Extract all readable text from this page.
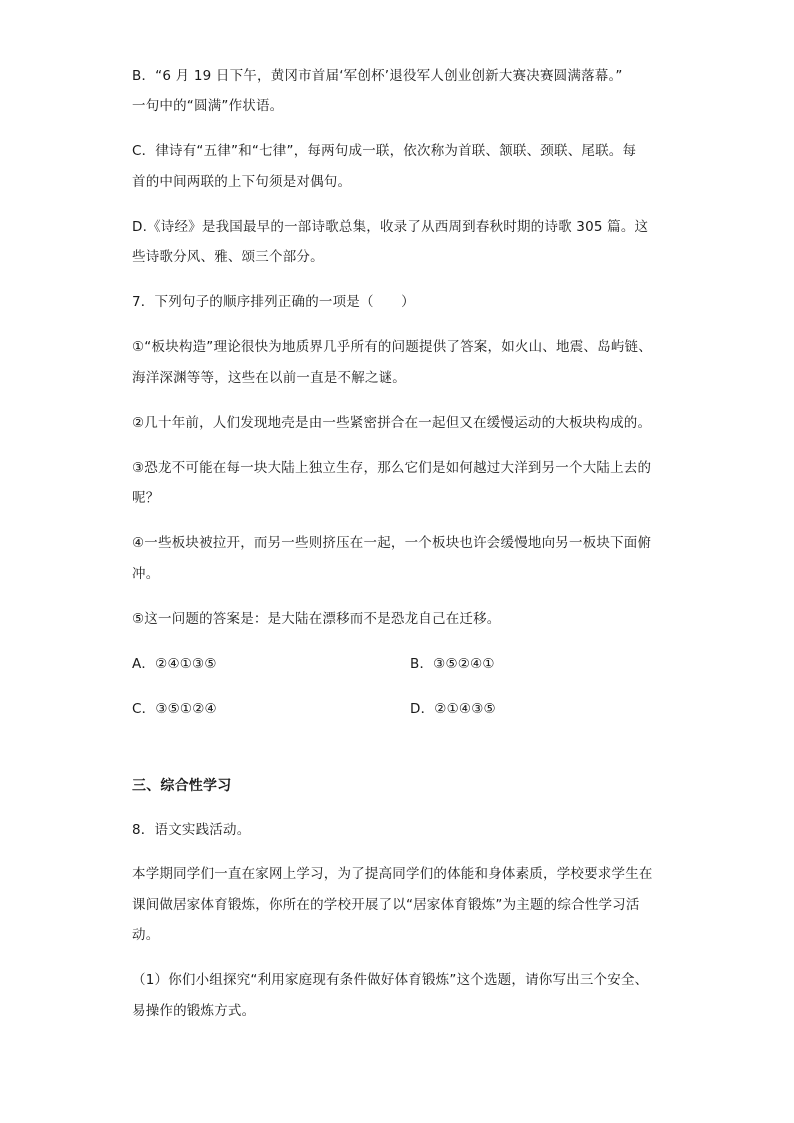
B．“6 月 19 日下午，黄冈市首届‘军创杯’退役军人创业创新大赛决赛圆满落幕。”
一句中的“圆满”作状语。
C．律诗有“五律”和“七律”，每两句成一联，依次称为首联、颔联、颈联、尾联。每
首的中间两联的上下句须是对偶句。
D.《诗经》是我国最早的一部诗歌总集，收录了从西周到春秋时期的诗歌 305 篇。这
些诗歌分风、雅、颂三个部分。
7．下列句子的顺序排列正确的一项是（　　）
①“板块构造”理论很快为地质界几乎所有的问题提供了答案，如火山、地震、岛屿链、
海洋深渊等等，这些在以前一直是不解之谜。
②几十年前，人们发现地壳是由一些紧密拼合在一起但又在缓慢运动的大板块构成的。
③恐龙不可能在每一块大陆上独立生存，那么它们是如何越过大洋到另一个大陆上去的
呢？
④一些板块被拉开，而另一些则挤压在一起，一个板块也许会缓慢地向另一板块下面俯
冲。
⑤这一问题的答案是：是大陆在漂移而不是恐龙自己在迁移。
A．②④①③⑤	B．③⑤②④①
C．③⑤①②④	D．②①④③⑤
三、综合性学习
8．语文实践活动。
本学期同学们一直在家网上学习，为了提高同学们的体能和身体素质，学校要求学生在
课间做居家体育锻炼，你所在的学校开展了以“居家体育锻炼”为主题的综合性学习活
动。
（1）你们小组探究“利用家庭现有条件做好体育锻炼”这个选题，请你写出三个安全、
易操作的锻炼方式。
